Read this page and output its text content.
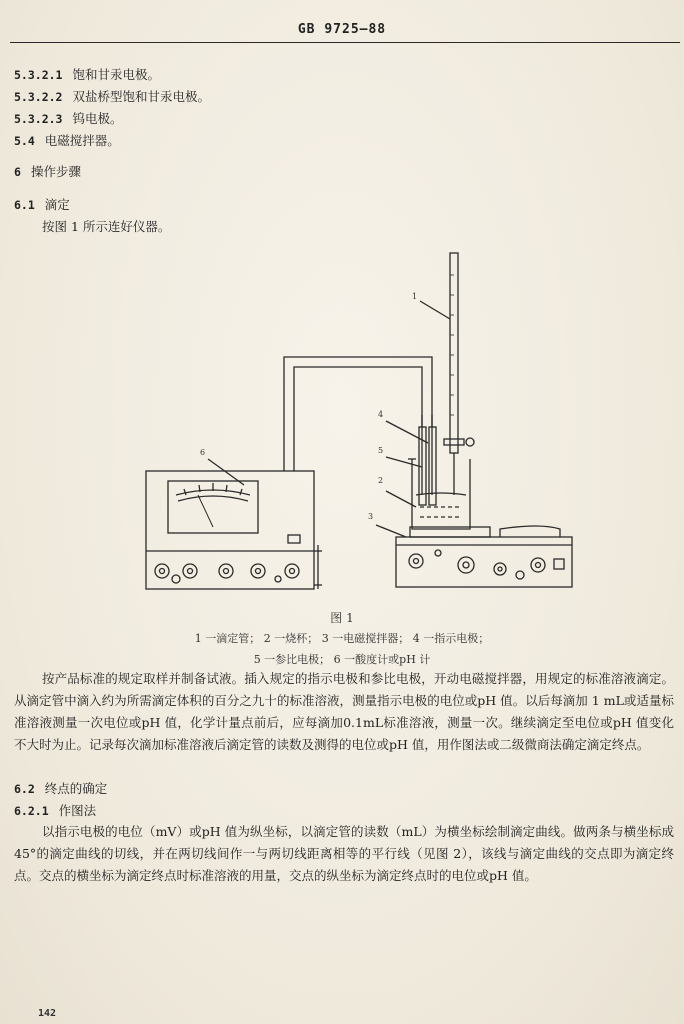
GB 9725—88
5.3.2.1 饱和甘汞电极。
5.3.2.2 双盐桥型饱和甘汞电极。
5.3.2.3 钨电极。
5.4 电磁搅拌器。
6 操作步骤
6.1 滴定
按图 1 所示连好仪器。
1
2
3
4
5
6
图 1
1 一滴定管； 2 一烧杯； 3 一电磁搅拌器； 4 一指示电极；
5 一参比电极； 6 一酸度计或pH 计
按产品标准的规定取样并制备试液。插入规定的指示电极和参比电极，开动电磁搅拌器，用规定的标准溶液滴定。从滴定管中滴入约为所需滴定体积的百分之九十的标准溶液，测量指示电极的电位或pH 值。以后每滴加 1 mL或适量标准溶液测量一次电位或pH 值，化学计量点前后，应每滴加0.1mL标准溶液，测量一次。继续滴定至电位或pH 值变化不大时为止。记录每次滴加标准溶液后滴定管的读数及测得的电位或pH 值，用作图法或二级微商法确定滴定终点。
6.2 终点的确定
6.2.1 作图法
以指示电极的电位（mV）或pH 值为纵坐标，以滴定管的读数（mL）为横坐标绘制滴定曲线。做两条与横坐标成45°的滴定曲线的切线，并在两切线间作一与两切线距离相等的平行线（见图 2），该线与滴定曲线的交点即为滴定终点。交点的横坐标为滴定终点时标准溶液的用量，交点的纵坐标为滴定终点时的电位或pH 值。
142
